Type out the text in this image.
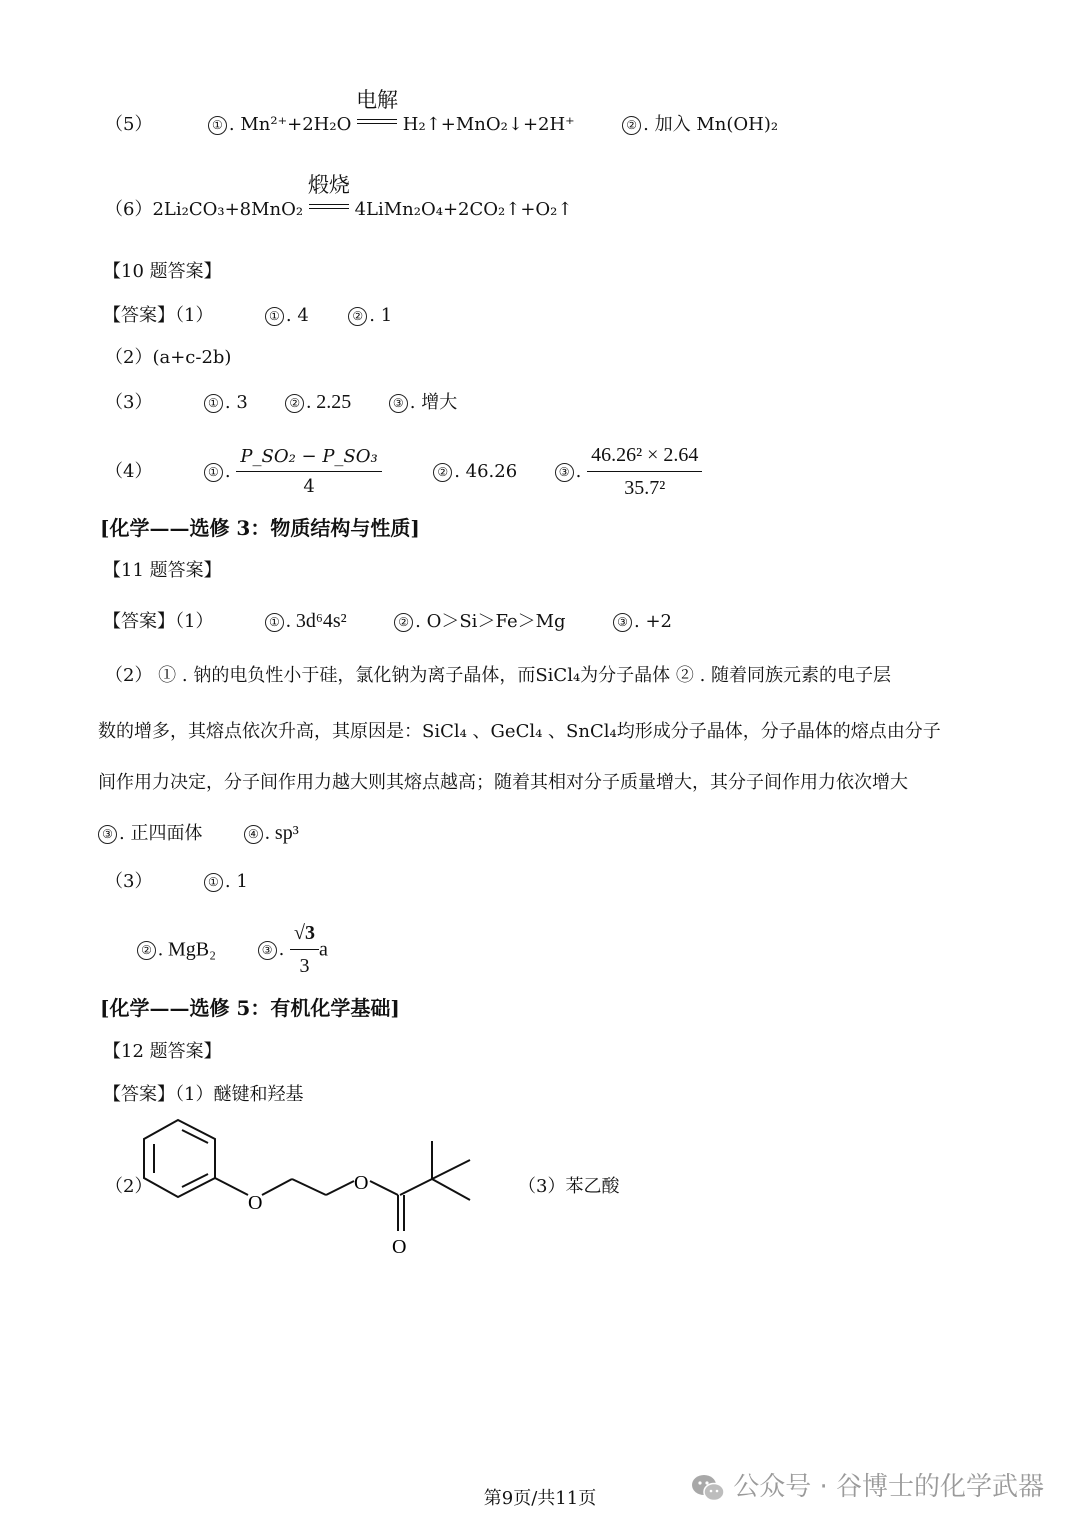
（5）	① . Mn²⁺+2H₂O
电解
H₂↑+MnO₂↓+2H⁺	② . 加入 Mn(OH)₂
（6）2Li₂CO₃+8MnO₂
煅烧
4LiMn₂O₄+2CO₂↑+O₂↑
【10 题答案】
【答案】（1）	① . 4	② . 1
（2）(a+c-2b)
（3）	① . 3	② . 2.25	③ . 增大
（4）	① . $\frac{\text{P\_SO₂ − P\_SO₃}}{4}$	② . 46.26	③ . $\frac{\text{46.26² × 2.64}}{\text{35.7²}}$
[化学——选修 3：物质结构与性质]
【11 题答案】
【答案】（1）	① . 3d⁶4s²	② . O＞Si＞Fe＞Mg	③ . +2
（2） ① . 钠的电负性小于硅，氯化钠为离子晶体，而SiCl₄为分子晶体 ② . 随着同族元素的电子层
数的增多，其熔点依次升高，其原因是：SiCl₄ 、GeCl₄ 、SnCl₄均形成分子晶体，分子晶体的熔点由分子
间作用力决定，分子间作用力越大则其熔点越高；随着其相对分子质量增大，其分子间作用力依次增大
③ . 正四面体	④ . sp³
（3）	① . 1
② . MgB₂	③ . $\frac{√3}{3}$ a
[化学——选修 5：有机化学基础]
【12 题答案】
【答案】（1）醚键和羟基
（2）
O
O
O
（3）苯乙酸
第9页/共11页	公众号 · 谷博士的化学武器
